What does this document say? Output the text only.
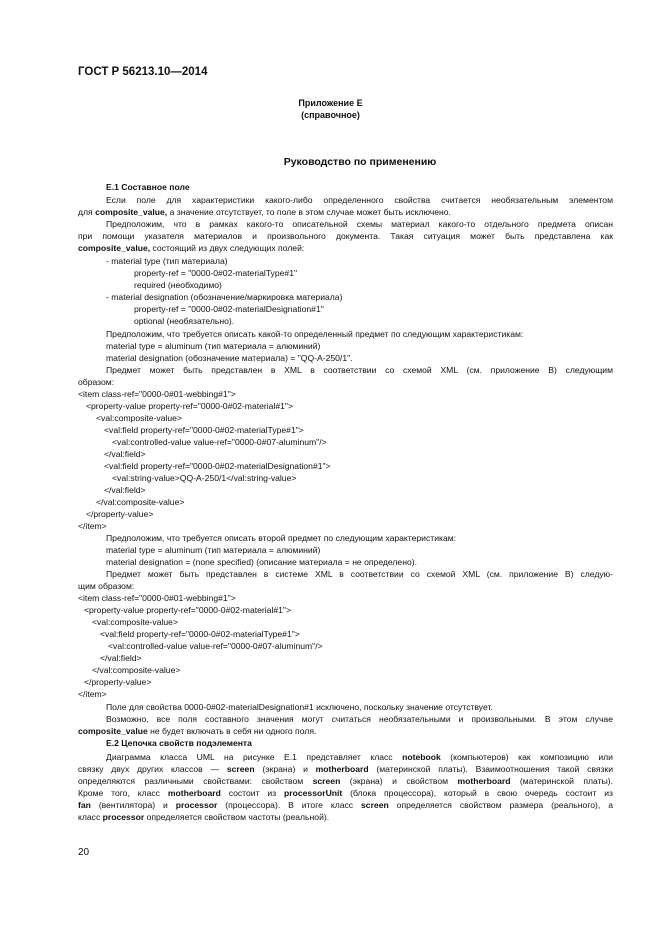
ГОСТ Р 56213.10—2014
Приложение Е
(справочное)
Руководство по применению
Е.1 Составное поле
Если поле для характеристики какого-либо определенного свойства считается необязательным элементом
для composite_value, а значение отсутствует, то поле в этом случае может быть исключено.
Предположим, что в рамках какого-то описательной схемы материал какого-то отдельного предмета описан
при помощи указателя материалов и произвольного документа. Такая ситуация может быть представлена как
composite_value, состоящий из двух следующих полей:
- material type (тип материала)
property-ref = "0000-0#02-materialType#1"
required (необходимо)
- material designation (обозначение/маркировка материала)
property-ref = "0000-0#02-materialDesignation#1"
optional (необязательно).
Предположим, что требуется описать какой-то определенный предмет по следующим характеристикам:
material type = aluminum (тип материала = алюминий)
material designation (обозначение материала) = "QQ-A-250/1".
Предмет может быть представлен в XML в соответствии со схемой XML (см. приложение В) следующим
образом:
<item class-ref="0000-0#01-webbing#1">
<property-value property-ref="0000-0#02-material#1">
<val:composite-value>
<val:field property-ref="0000-0#02-materialType#1">
<val:controlled-value value-ref="0000-0#07-aluminum"/>
</val:field>
<val:field property-ref="0000-0#02-materialDesignation#1">
<val:string-value>QQ-A-250/1</val:string-value>
</val:field>
</val:composite-value>
</property-value>
</item>
Предположим, что требуется описать второй предмет по следующим характеристикам:
material type = aluminum (тип материала = алюминий)
material designation = (none specified) (описание материала = не определено).
Предмет может быть представлен в системе XML в соответствии со схемой XML (см. приложение В) следую-
щим образом:
<item class-ref="0000-0#01-webbing#1">
<property-value property-ref="0000-0#02-material#1">
<val:composite-value>
<val:field property-ref="0000-0#02-materialType#1">
<val:controlled-value value-ref="0000-0#07-aluminum"/>
</val:field>
</val:composite-value>
</property-value>
</item>
Поле для свойства 0000-0#02-materialDesignation#1 исключено, поскольку значение отсутствует.
Возможно, все поля составного значения могут считаться необязательными и произвольными. В этом случае
composite_value не будет включать в себя ни одного поля.
Е.2 Цепочка свойств подэлемента
Диаграмма класса UML на рисунке Е.1 представляет класс notebook (компьютеров) как композицию или
связку двух других классов — screen (экрана) и motherboard (материнской платы). Взаимоотношения такой связки
определяются различными свойствами: свойством screen (экрана) и свойством motherboard (материнской платы).
Кроме того, класс motherboard состоит из processorUnit (блока процессора), который в свою очередь состоит из
fan (вентилятора) и processor (процессора). В итоге класс screen определяется свойством размера (реального), а
класс processor определяется свойством частоты (реальной).
20
